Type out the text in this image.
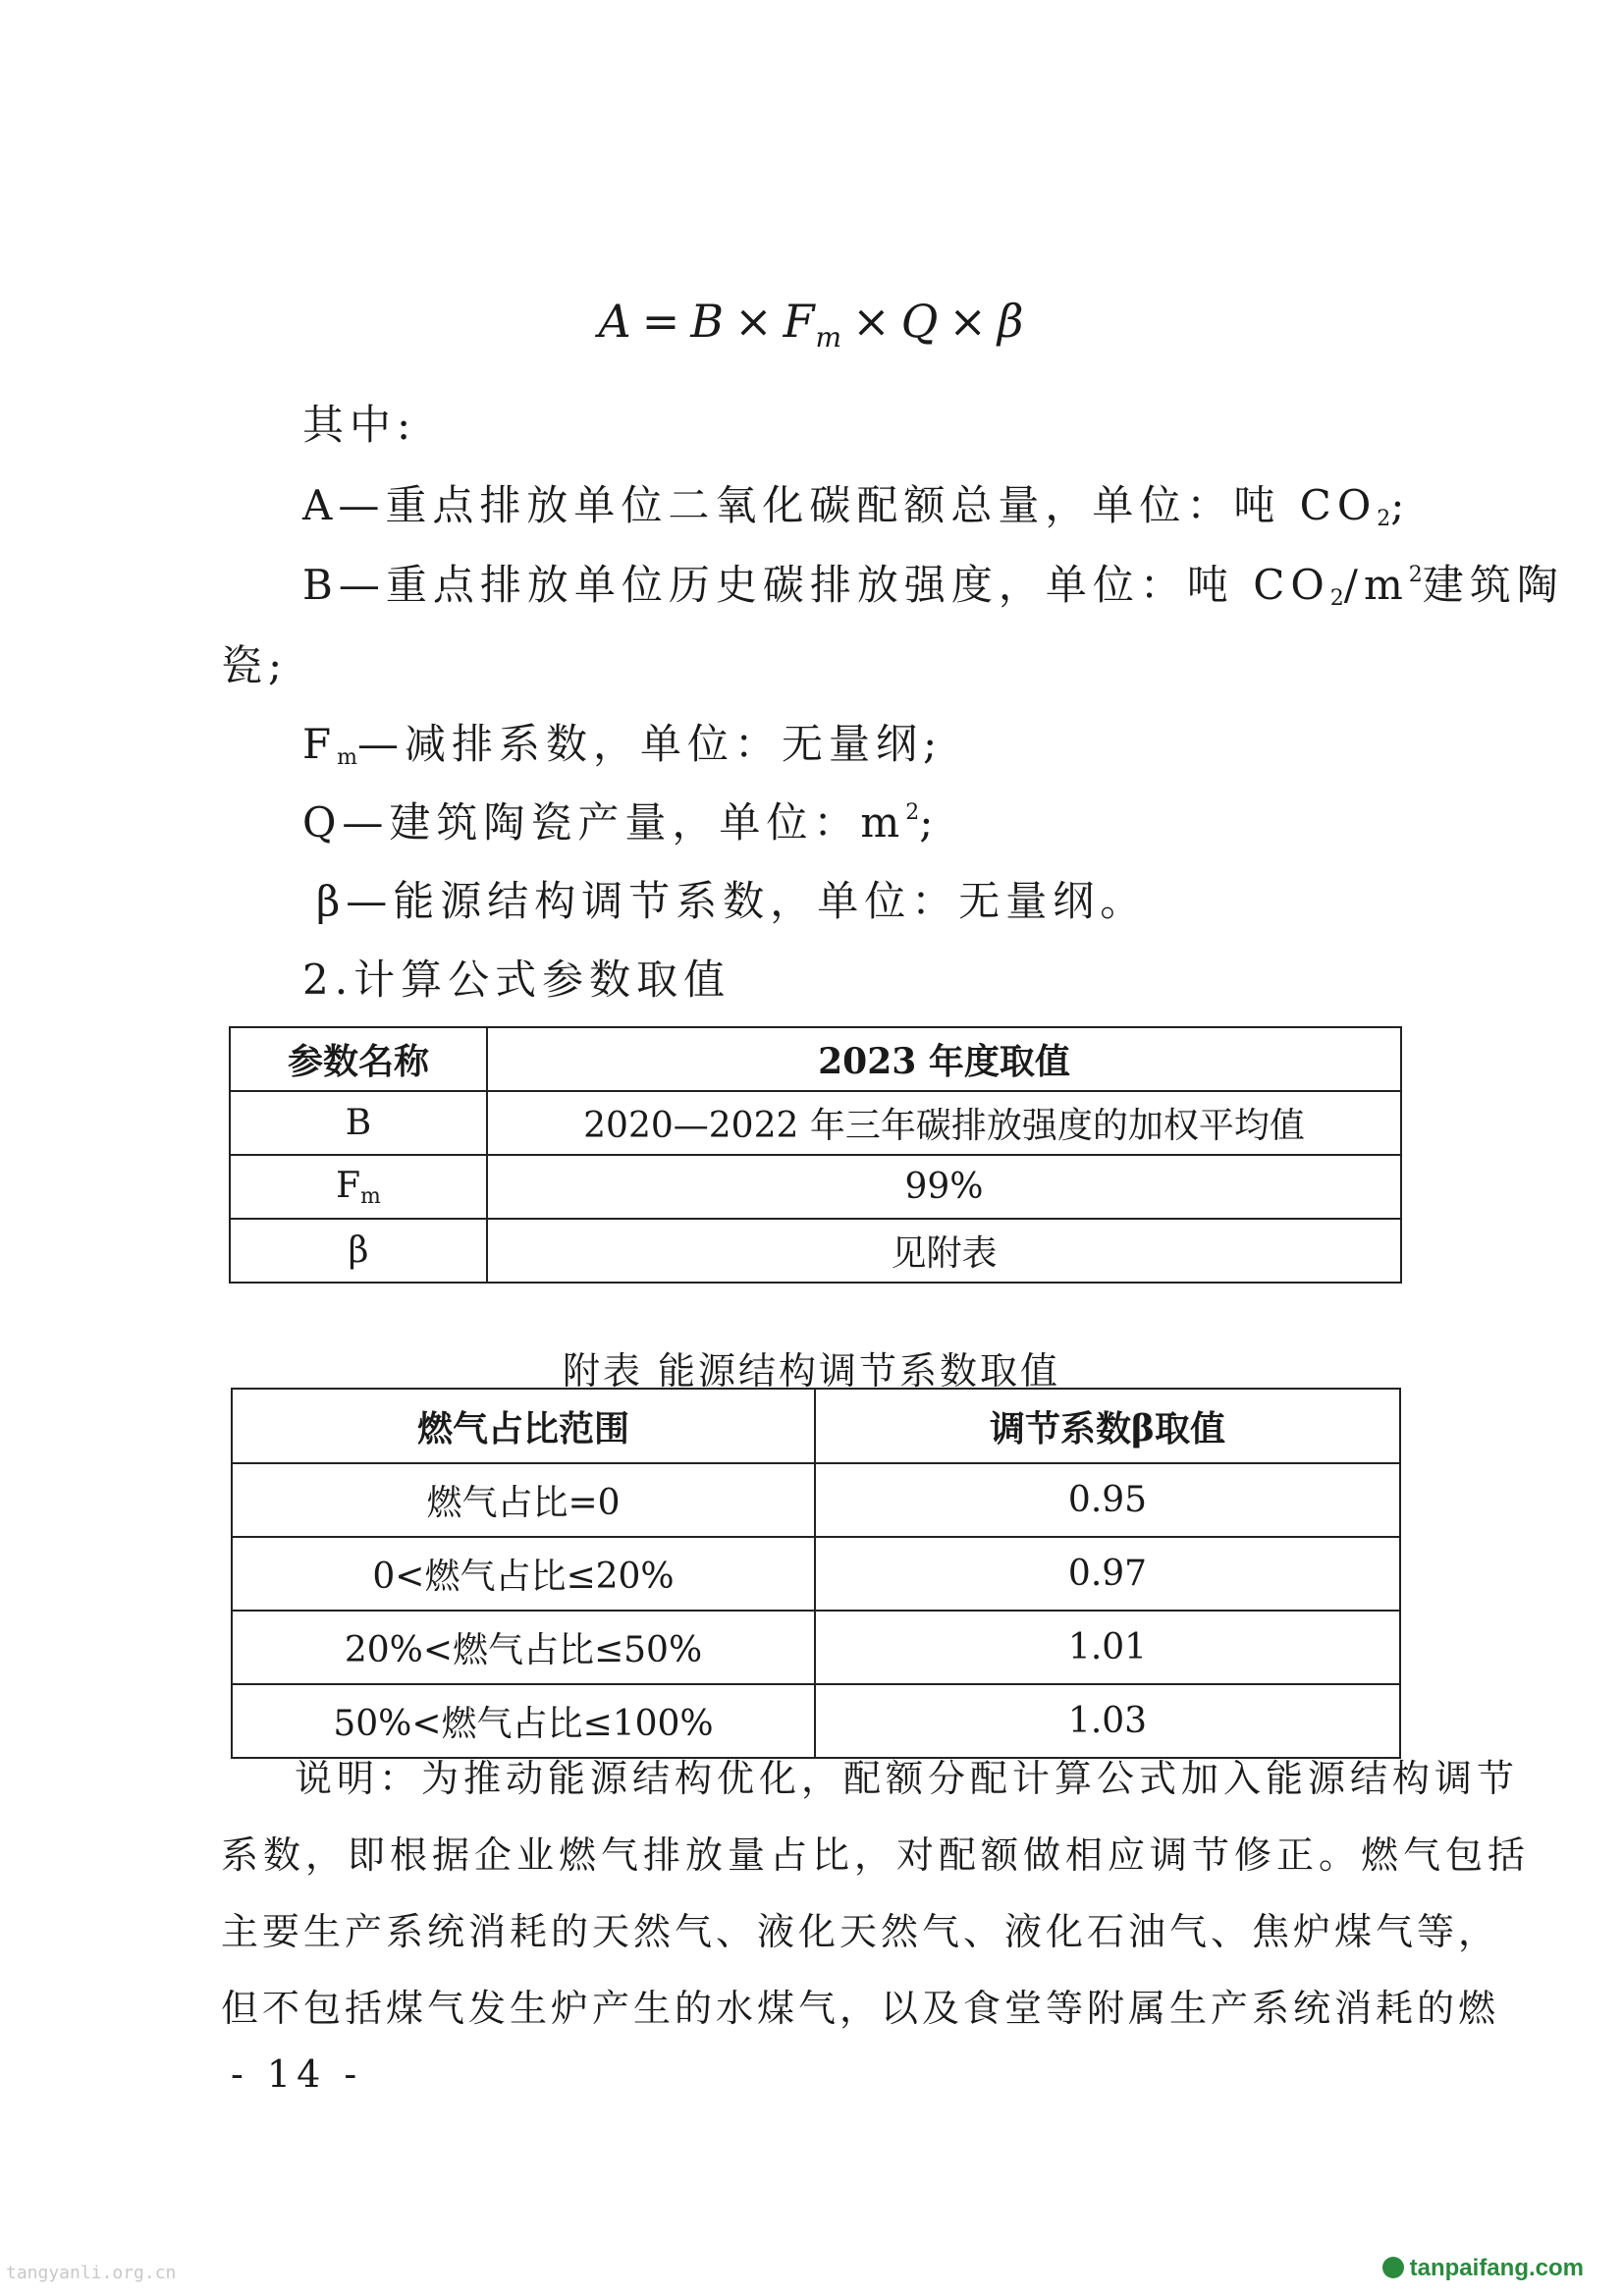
$A = B \times F_m \times Q \times \beta$
其中:
A—重点排放单位二氧化碳配额总量，单位：吨 $CO_2$;
B—重点排放单位历史碳排放强度，单位：吨 $CO_2/m^2$建筑陶
瓷;
$F_m—$减排系数，单位：无量纲;
Q—建筑陶瓷产量，单位：$m^2$;
β—能源结构调节系数，单位：无量纲。
2.计算公式参数取值
参数名称	2023 年度取值
B	2020—2022 年三年碳排放强度的加权平均值
$F_m$	99%
β	见附表
附表 能源结构调节系数取值
燃气占比范围	调节系数β取值
燃气占比=0	0.95
0<燃气占比≤20%	0.97
20%<燃气占比≤50%	1.01
50%<燃气占比≤100%	1.03
说明：为推动能源结构优化，配额分配计算公式加入能源结构调节
系数，即根据企业燃气排放量占比，对配额做相应调节修正。燃气包括
主要生产系统消耗的天然气、液化天然气、液化石油气、焦炉煤气等，
但不包括煤气发生炉产生的水煤气，以及食堂等附属生产系统消耗的燃
- 14 -
tangyanli.org.cn	tanpaifang.com
